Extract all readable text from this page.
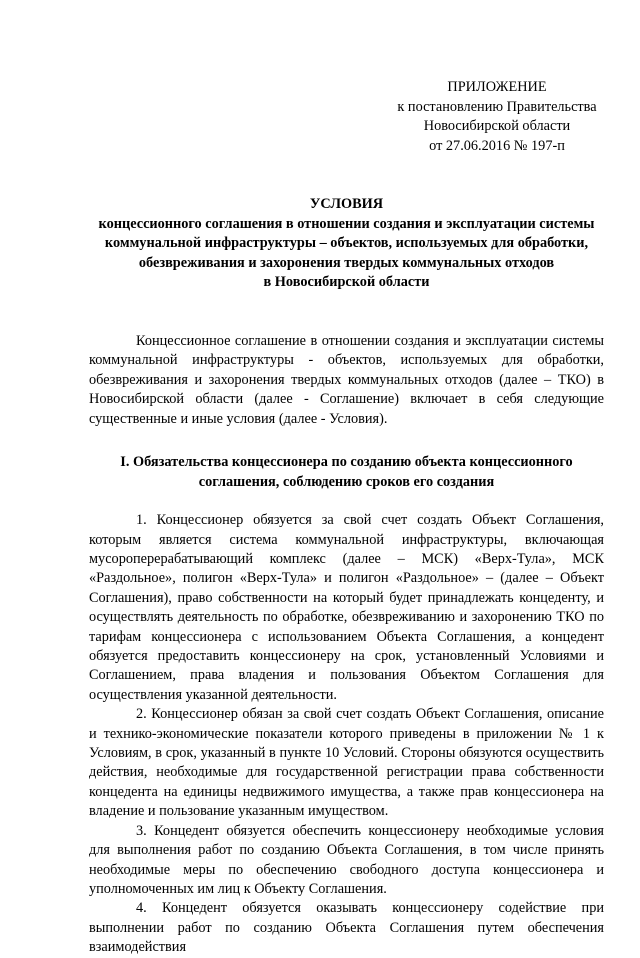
ПРИЛОЖЕНИЕ
к постановлению Правительства
Новосибирской области
от 27.06.2016 № 197-п
УСЛОВИЯ
концессионного соглашения в отношении создания и эксплуатации системы
коммунальной инфраструктуры – объектов, используемых для обработки,
обезвреживания и захоронения твердых коммунальных отходов
в Новосибирской области

Концессионное соглашение в отношении создания и эксплуатации системы коммунальной инфраструктуры - объектов, используемых для обработки, обезвреживания и захоронения твердых коммунальных отходов (далее – ТКО) в Новосибирской области (далее - Соглашение) включает в себя следующие существенные и иные условия (далее - Условия).

I. Обязательства концессионера по созданию объекта концессионного
соглашения, соблюдению сроков его создания

1. Концессионер обязуется за свой счет создать Объект Соглашения, которым является система коммунальной инфраструктуры, включающая мусороперерабатывающий комплекс (далее – МСК) «Верх-Тула», МСК «Раздольное», полигон «Верх-Тула» и полигон «Раздольное» – (далее – Объект Соглашения), право собственности на который будет принадлежать концеденту, и осуществлять деятельность по обработке, обезвреживанию и захоронению ТКО по тарифам концессионера с использованием Объекта Соглашения, а концедент обязуется предоставить концессионеру на срок, установленный Условиями и Соглашением, права владения и пользования Объектом Соглашения для осуществления указанной деятельности.

2. Концессионер обязан за свой счет создать Объект Соглашения, описание и технико-экономические показатели которого приведены в приложении № 1 к Условиям, в срок, указанный в пункте 10 Условий. Стороны обязуются осуществить действия, необходимые для государственной регистрации права собственности концедента на единицы недвижимого имущества, а также прав концессионера на владение и пользование указанным имуществом.

3. Концедент обязуется обеспечить концессионеру необходимые условия для выполнения работ по созданию Объекта Соглашения, в том числе принять необходимые меры по обеспечению свободного доступа концессионера и уполномоченных им лиц к Объекту Соглашения.

4. Концедент обязуется оказывать концессионеру содействие при выполнении работ по созданию Объекта Соглашения путем обеспечения взаимодействия
